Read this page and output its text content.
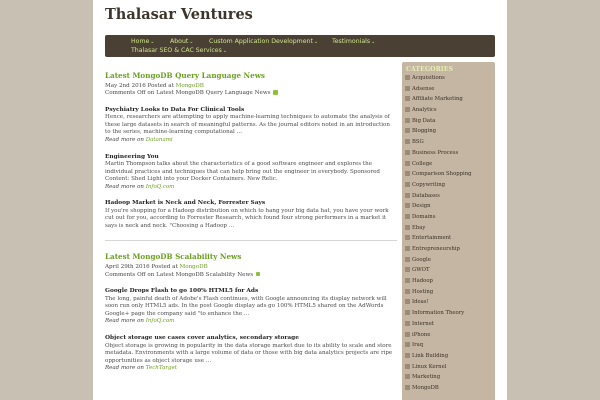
Thalasar Ventures
Home⌄	About⌄	Custom Application Development⌄ Testimonials⌄
Thalasar SEO & CAC Services⌄
Latest MongoDB Query Language News
May 2nd 2016 Posted at MongoDB
Comments Off on Latest MongoDB Query Language News
Psychiatry Looks to Data For Clinical Tools
Hence, researchers are attempting to apply machine-learning techniques to automate the analysis of these large datasets in search of meaningful patterns. As the journal editors noted in an introduction to the series, machine-learning computational …
Read more on Datanami
Engineering You
Martin Thompson talks about the characteristics of a good software engineer and explores the individual practices and techniques that can help bring out the engineer in everybody. Sponsored Content: Shed Light into your Docker Containers. New Relic.
Read more on InfoQ.com
Hadoop Market is Neck and Neck, Forrester Says
If you're shopping for a Hadoop distribution on which to hang your big data hat, you have your work cut out for you, according to Forrester Research, which found four strong performers in a market it says is neck and neck. "Choosing a Hadoop …
Latest MongoDB Scalability News
April 29th 2016 Posted at MongoDB
Comments Off on Latest MongoDB Scalability News
Google Drops Flash to go 100% HTML5 for Ads
The long, painful death of Adobe's Flash continues, with Google announcing its display network will soon run only HTML5 ads. In the post Google display ads go 100% HTML5 shared on the AdWords Google+ page the company said "to enhance the …
Read more on InfoQ.com
Object storage use cases cover analytics, secondary storage
Object storage is growing in popularity in the data storage market due to its ability to scale and store metadata. Environments with a large volume of data or those with big data analytics projects are ripe opportunities as object storage use …
Read more on TechTarget
CATEGORIES
Acquisitions
Adsense
Affiliate Marketing
Analytics
Big Data
Blogging
BSG
Business Process
College
Comparison Shopping
Copywriting
Databases
Design
Domains
Ebay
Entertainment
Entrepreneurship
Google
GWOT
Hadoop
Hosting
Ideas!
Information Theory
Internet
iPhone
Iraq
Link Building
Linux Kernel
Marketing
MongoDB
